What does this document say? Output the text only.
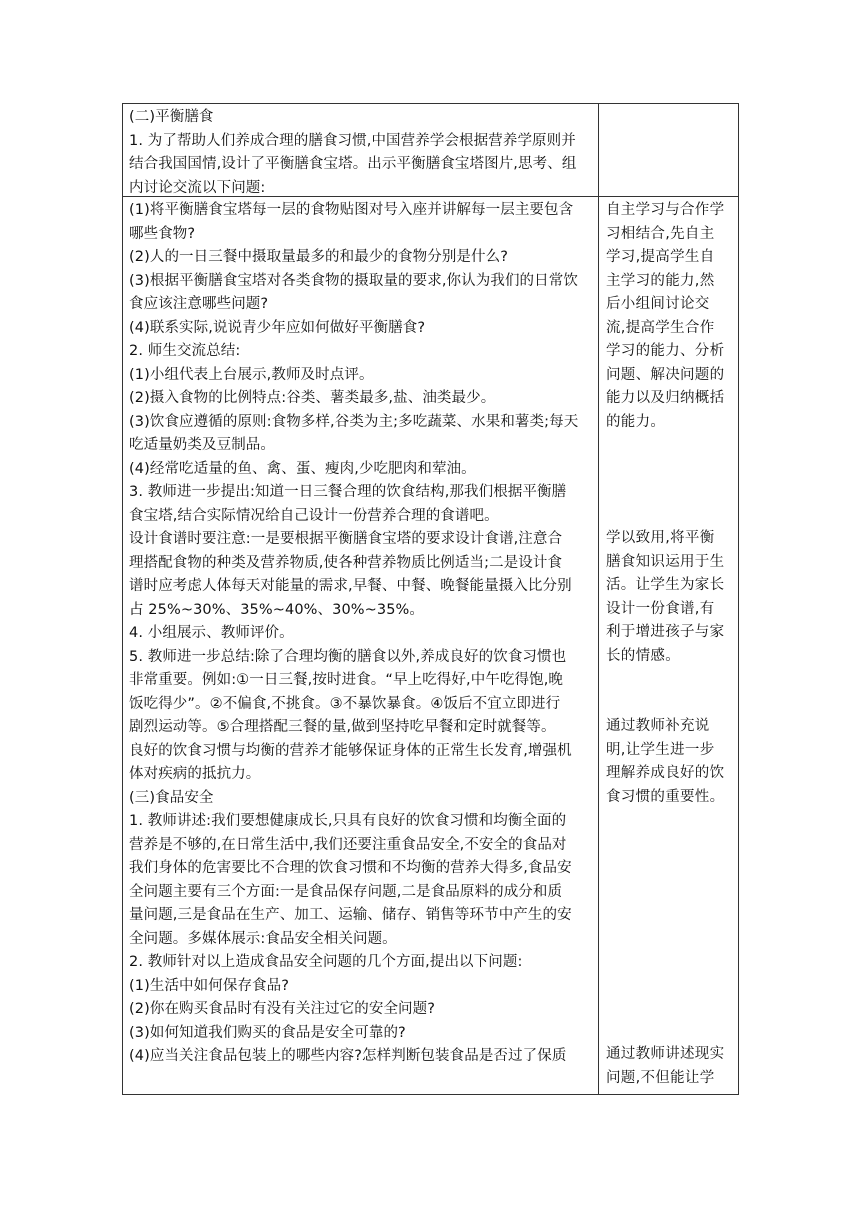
(二)平衡膳食
1. 为了帮助人们养成合理的膳食习惯,中国营养学会根据营养学原则并
结合我国国情,设计了平衡膳食宝塔。出示平衡膳食宝塔图片,思考、组
内讨论交流以下问题:
(1)将平衡膳食宝塔每一层的食物贴图对号入座并讲解每一层主要包含
哪些食物?
(2)人的一日三餐中摄取量最多的和最少的食物分别是什么?
(3)根据平衡膳食宝塔对各类食物的摄取量的要求,你认为我们的日常饮
食应该注意哪些问题?
(4)联系实际,说说青少年应如何做好平衡膳食?
2. 师生交流总结:
(1)小组代表上台展示,教师及时点评。
(2)摄入食物的比例特点:谷类、薯类最多,盐、油类最少。
(3)饮食应遵循的原则:食物多样,谷类为主;多吃蔬菜、水果和薯类;每天
吃适量奶类及豆制品。
(4)经常吃适量的鱼、禽、蛋、瘦肉,少吃肥肉和荤油。
3. 教师进一步提出:知道一日三餐合理的饮食结构,那我们根据平衡膳
食宝塔,结合实际情况给自己设计一份营养合理的食谱吧。
设计食谱时要注意:一是要根据平衡膳食宝塔的要求设计食谱,注意合
理搭配食物的种类及营养物质,使各种营养物质比例适当;二是设计食
谱时应考虑人体每天对能量的需求,早餐、中餐、晚餐能量摄入比分别
占 25%~30%、35%~40%、30%~35%。
4. 小组展示、教师评价。
5. 教师进一步总结:除了合理均衡的膳食以外,养成良好的饮食习惯也
非常重要。例如:①一日三餐,按时进食。“早上吃得好,中午吃得饱,晚
饭吃得少”。②不偏食,不挑食。③不暴饮暴食。④饭后不宜立即进行
剧烈运动等。⑤合理搭配三餐的量,做到坚持吃早餐和定时就餐等。
良好的饮食习惯与均衡的营养才能够保证身体的正常生长发育,增强机
体对疾病的抵抗力。
(三)食品安全
1. 教师讲述:我们要想健康成长,只具有良好的饮食习惯和均衡全面的
营养是不够的,在日常生活中,我们还要注重食品安全,不安全的食品对
我们身体的危害要比不合理的饮食习惯和不均衡的营养大得多,食品安
全问题主要有三个方面:一是食品保存问题,二是食品原料的成分和质
量问题,三是食品在生产、加工、运输、储存、销售等环节中产生的安
全问题。多媒体展示:食品安全相关问题。
2. 教师针对以上造成食品安全问题的几个方面,提出以下问题:
(1)生活中如何保存食品?
(2)你在购买食品时有没有关注过它的安全问题?
(3)如何知道我们购买的食品是安全可靠的?
(4)应当关注食品包装上的哪些内容?怎样判断包装食品是否过了保质
自主学习与合作学
习相结合,先自主
学习,提高学生自
主学习的能力,然
后小组间讨论交
流,提高学生合作
学习的能力、分析
问题、解决问题的
能力以及归纳概括
的能力。
学以致用,将平衡
膳食知识运用于生
活。让学生为家长
设计一份食谱,有
利于增进孩子与家
长的情感。
通过教师补充说
明,让学生进一步
理解养成良好的饮
食习惯的重要性。
通过教师讲述现实
问题,不但能让学
